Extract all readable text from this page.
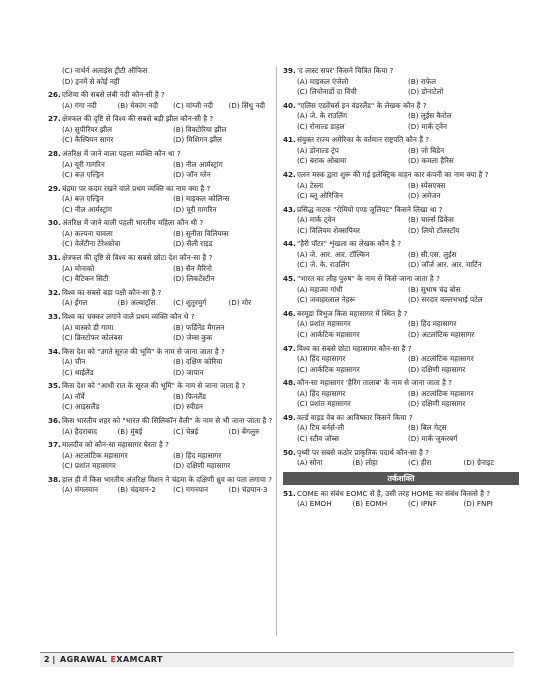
(C) नार्थर्न अलाइंस ट्रीटी ऑफिस
(D) इनमें से कोई नहीं
26. एशिया की सबसे लंबी नदी कौन-सी है ?
(A) गंगा नदी	(B) मेकांग नदी	(C) यांग्जी नदी	(D) सिंधु नदी
27. क्षेत्रफल की दृष्टि से विश्व की सबसे बड़ी झील कौन-सी है ?
(A) सुपीरियर झील	(B) विक्टोरिया झील
(C) कैस्पियन सागर	(D) मिशिगन झील
28. अंतरिक्ष में जाने वाला पहला व्यक्ति कौन था ?
(A) यूरी गागरिन	(B) नील आर्मस्ट्रांग
(C) बज़ एल्ड्रिन	(D) जॉन ग्लेन
29. चंद्रमा पर कदम रखने वाले प्रथम व्यक्ति का नाम क्या है ?
(A) बज़ एल्ड्रिन	(B) माइकल कोलिन्स
(C) नील आर्मस्ट्रांग	(D) यूरी गागरिन
30. अंतरिक्ष में जाने वाली पहली भारतीय महिला कौन थी ?
(A) कल्पना चावला	(B) सुनीता विलियम्स
(C) वेलेंटीना टेरेश्कोवा	(D) सैली राइड
31. क्षेत्रफल की दृष्टि से विश्व का सबसे छोटा देश कौन-सा है ?
(A) मोनाको	(B) सैन मैरिनो
(C) वैटिकन सिटी	(D) लिकटेंस्टीन
32. विश्व का सबसे बड़ा पक्षी कौन-सा है ?
(A) ईगल	(B) अल्बाट्रॉस	(C) शुतुरमुर्ग	(D) मोर
33. विश्व का चक्कर लगाने वाले प्रथम व्यक्ति कौन थे ?
(A) वास्को डी गामा	(B) फर्डिनेंड मैगलन
(C) क्रिस्टोफर कोलंबस	(D) जेम्स कुक
34. किस देश को "उगते सूरज की भूमि" के नाम से जाना जाता है ?
(A) चीन	(B) दक्षिण कोरिया
(C) थाईलैंड	(D) जापान
35. किस देश को "आधी रात के सूरज की भूमि" के नाम से जाना जाता है ?
(A) नॉर्वे	(B) फिनलैंड
(C) आइसलैंड	(D) स्वीडन
36. किस भारतीय शहर को "भारत की सिलिकॉन वैली" के नाम से भी जाना जाता है ?
(A) हैदराबाद	(B) मुंबई	(C) चेन्नई	(D) बेंगलुरु
37. मालदीव को कौन-सा महासागर घेरता है ?
(A) अटलांटिक महासागर	(B) हिंद महासागर
(C) प्रशांत महासागर	(D) दक्षिणी महासागर
38. हाल ही में किस भारतीय अंतरिक्ष मिशन ने चंद्रमा के दक्षिणी ध्रुव का पता लगाया ?
(A) मंगलयान	(B) चंद्रयान-2	(C) गगनयान	(D) चंद्रयान-3
39. 'द लास्ट सपर' किसने चित्रित किया ?
(A) माइकल एंजेलो	(B) राफेल
(C) लियोनार्डो दा विंची	(D) डोनाटेलो
40. "एलिस एडवेंचर्स इन वंडरलैंड" के लेखक कौन हैं ?
(A) जे. के राउलिंग	(B) लुईस कैरोल
(C) रोनाल्ड डाहल	(D) मार्क ट्वेन
41. संयुक्त राज्य अमेरिका के वर्तमान राष्ट्रपति कौन हैं ?
(A) डोनाल्ड ट्रंप	(B) जो बिडेन
(C) बराक ओबामा	(D) कमला हैरिस
42. एलन मस्क द्वारा शुरू की गई इलेक्ट्रिक वाहन कार कंपनी का नाम क्या है ?
(A) टेस्ला	(B) स्पेसएक्स
(C) ब्लू ओरिजिन	(D) अमेजन
43. प्रसिद्ध नाटक "रोमियो एण्ड जूलियट" किसने लिखा था ?
(A) मार्क ट्वेन	(B) चार्ल्स डिकेंस
(C) विलियम शेक्सपियर	(D) लियो टॉलस्टॉय
44. "हैरी पॉटर" शृंखला का लेखक कौन है ?
(A) जे. आर. आर. टॉल्किन	(B) सी.एस. लुईस
(C) जे. के. राउलिंग	(D) जॉर्ज आर. आर. मार्टिन
45. "भारत का लौह पुरुष" के नाम से किसे जाना जाता है ?
(A) महात्मा गांधी	(B) सुभाष चंद्र बोस
(C) जवाहरलाल नेहरू	(D) सरदार वल्लभभाई पटेल
46. बरमूडा त्रिभुज किस महासागर में स्थित है ?
(A) प्रशांत महासागर	(B) हिंद महासागर
(C) आर्कटिक महासागर	(D) अटलांटिक महासागर
47. विश्व का सबसे छोटा महासागर कौन-सा है ?
(A) हिंद महासागर	(B) अटलांटिक महासागर
(C) आर्कटिक महासागर	(D) दक्षिणी महासागर
48. कौन-सा महासागर 'हैरिंग तालाब' के नाम से जाना जाता है ?
(A) हिंद महासागर	(B) अटलांटिक महासागर
(C) प्रशांत महासागर	(D) दक्षिणी महासागर
49. वर्ल्ड वाइड वेब का आविष्कार किसने किया ?
(A) टिम बर्नर्स-ली	(B) बिल गेट्स
(C) स्टीव जॉब्स	(D) मार्क जुकरबर्ग
50. पृथ्वी पर सबसे कठोर प्राकृतिक पदार्थ कौन-सा है ?
(A) सोना	(B) लोहा	(C) हीरा	(D) ग्रेनाइट
तर्कशक्ति
51. COME का संबंध EOMC से है, उसी तरह HOME का संबंध किससे है ?
(A) EMOH	(B) EOMH	(C) IPNF	(D) FNPI
2 | AGRAWAL EXAMCART
